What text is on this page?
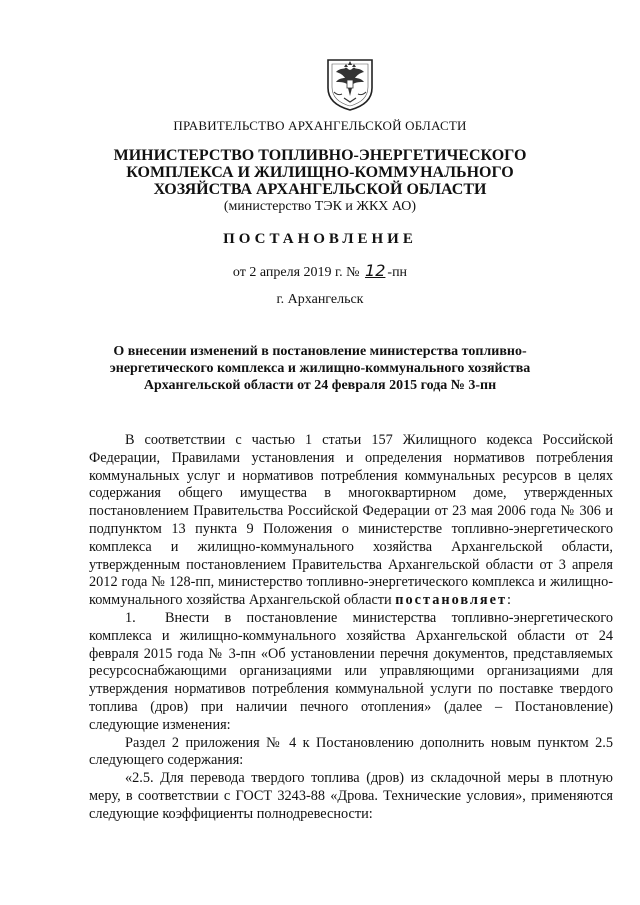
ПРАВИТЕЛЬСТВО АРХАНГЕЛЬСКОЙ ОБЛАСТИ
МИНИСТЕРСТВО ТОПЛИВНО-ЭНЕРГЕТИЧЕСКОГО
КОМПЛЕКСА И ЖИЛИЩНО-КОММУНАЛЬНОГО
ХОЗЯЙСТВА АРХАНГЕЛЬСКОЙ ОБЛАСТИ
(министерство ТЭК и ЖКХ АО)
ПОСТАНОВЛЕНИЕ
от 2 апреля 2019 г. № 12 -пн
г. Архангельск
О внесении изменений в постановление министерства топливно-
энергетического комплекса и жилищно-коммунального хозяйства
Архангельской области от 24 февраля 2015 года № 3-пн

В соответствии с частью 1 статьи 157 Жилищного кодекса Российской Федерации, Правилами установления и определения нормативов потребления коммунальных услуг и нормативов потребления коммунальных ресурсов в целях содержания общего имущества в многоквартирном доме, утвержденных постановлением Правительства Российской Федерации от 23 мая 2006 года № 306 и подпунктом 13 пункта 9 Положения о министерстве топливно-энергетического комплекса и жилищно-коммунального хозяйства Архангельской области, утвержденным постановлением Правительства Архангельской области от 3 апреля 2012 года № 128-пп, министерство топливно-энергетического комплекса и жилищно-коммунального хозяйства Архангельской области постановляет:

1. Внести в постановление министерства топливно-энергетического комплекса и жилищно-коммунального хозяйства Архангельской области от 24 февраля 2015 года № 3-пн «Об установлении перечня документов, представляемых ресурсоснабжающими организациями или управляющими организациями для утверждения нормативов потребления коммунальной услуги по поставке твердого топлива (дров) при наличии печного отопления» (далее – Постановление) следующие изменения:

Раздел 2 приложения № 4 к Постановлению дополнить новым пунктом 2.5 следующего содержания:

«2.5. Для перевода твердого топлива (дров) из складочной меры в плотную меру, в соответствии с ГОСТ 3243-88 «Дрова. Технические условия», применяются следующие коэффициенты полнодревесности:
